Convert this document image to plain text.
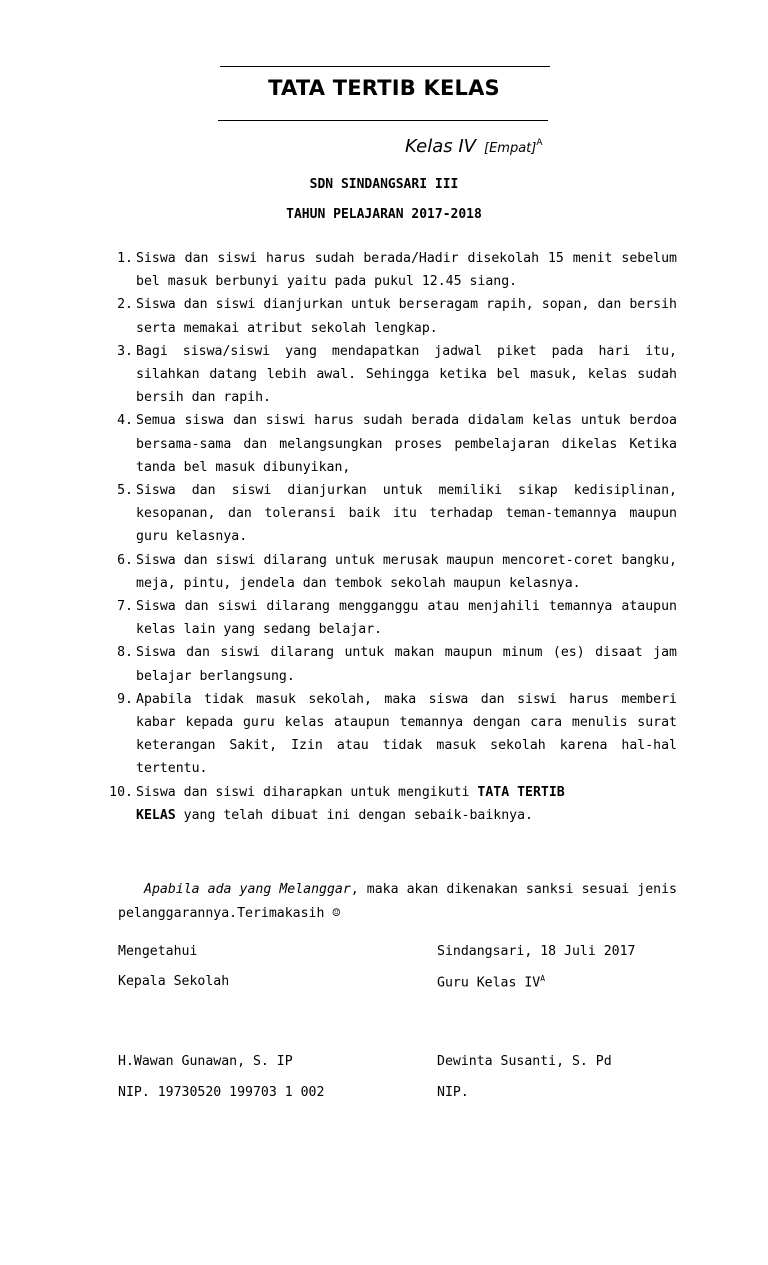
TATA TERTIB KELAS
Kelas IV [Empat]$^A$
SDN SINDANGSARI III
TAHUN PELAJARAN 2017-2018
1. Siswa dan siswi harus sudah berada/Hadir disekolah 15 menit sebelum bel masuk berbunyi yaitu pada pukul 12.45 siang.
2. Siswa dan siswi dianjurkan untuk berseragam rapih, sopan, dan bersih serta memakai atribut sekolah lengkap.
3. Bagi siswa/siswi yang mendapatkan jadwal piket pada hari itu, silahkan datang lebih awal. Sehingga ketika bel masuk, kelas sudah bersih dan rapih.
4. Semua siswa dan siswi harus sudah berada didalam kelas untuk berdoa bersama-sama dan melangsungkan proses pembelajaran dikelas Ketika tanda bel masuk dibunyikan,
5. Siswa dan siswi dianjurkan untuk memiliki sikap kedisiplinan, kesopanan, dan toleransi baik itu terhadap teman-temannya maupun guru kelasnya.
6. Siswa dan siswi dilarang untuk merusak maupun mencoret-coret bangku, meja, pintu, jendela dan tembok sekolah maupun kelasnya.
7. Siswa dan siswi dilarang mengganggu atau menjahili temannya ataupun kelas lain yang sedang belajar.
8. Siswa dan siswi dilarang untuk makan maupun minum (es) disaat jam belajar berlangsung.
9. Apabila tidak masuk sekolah, maka siswa dan siswi harus memberi kabar kepada guru kelas ataupun temannya dengan cara menulis surat keterangan Sakit, Izin atau tidak masuk sekolah karena hal-hal tertentu.
10. Siswa dan siswi diharapkan untuk mengikuti TATA TERTIB
KELAS yang telah dibuat ini dengan sebaik-baiknya.
Apabila ada yang Melanggar, maka akan dikenakan sanksi sesuai jenis pelanggarannya.Terimakasih ☺
Mengetahui	Sindangsari, 18 Juli 2017
Kepala Sekolah	Guru Kelas $IV^A$
H.Wawan Gunawan, S. IP	Dewinta Susanti, S. Pd
NIP. 19730520 199703 1 002	NIP.
